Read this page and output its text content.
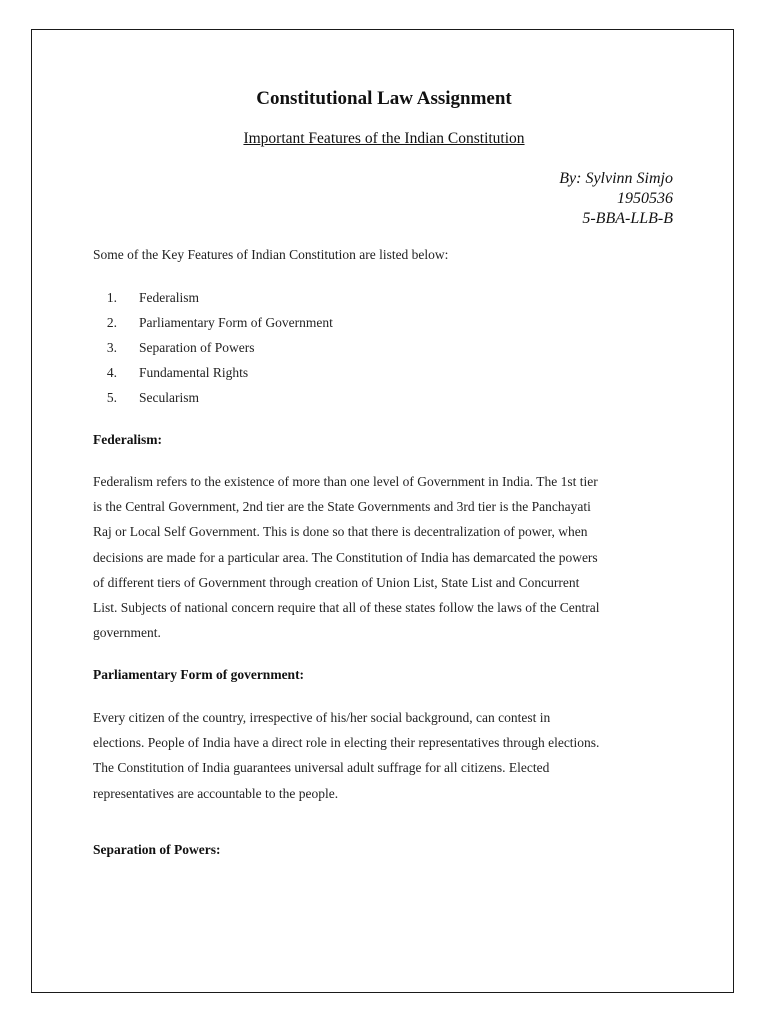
Constitutional Law Assignment
Important Features of the Indian Constitution
By: Sylvinn Simjo
1950536
5-BBA-LLB-B
Some of the Key Features of Indian Constitution are listed below:
1. Federalism
2. Parliamentary Form of Government
3. Separation of Powers
4. Fundamental Rights
5. Secularism
Federalism:

Federalism refers to the existence of more than one level of Government in India. The 1st tier
is the Central Government, 2nd tier are the State Governments and 3rd tier is the Panchayati
Raj or Local Self Government. This is done so that there is decentralization of power, when
decisions are made for a particular area. The Constitution of India has demarcated the powers
of different tiers of Government through creation of Union List, State List and Concurrent
List. Subjects of national concern require that all of these states follow the laws of the Central
government.

Parliamentary Form of government:

Every citizen of the country, irrespective of his/her social background, can contest in
elections. People of India have a direct role in electing their representatives through elections.
The Constitution of India guarantees universal adult suffrage for all citizens. Elected
representatives are accountable to the people.

Separation of Powers:
